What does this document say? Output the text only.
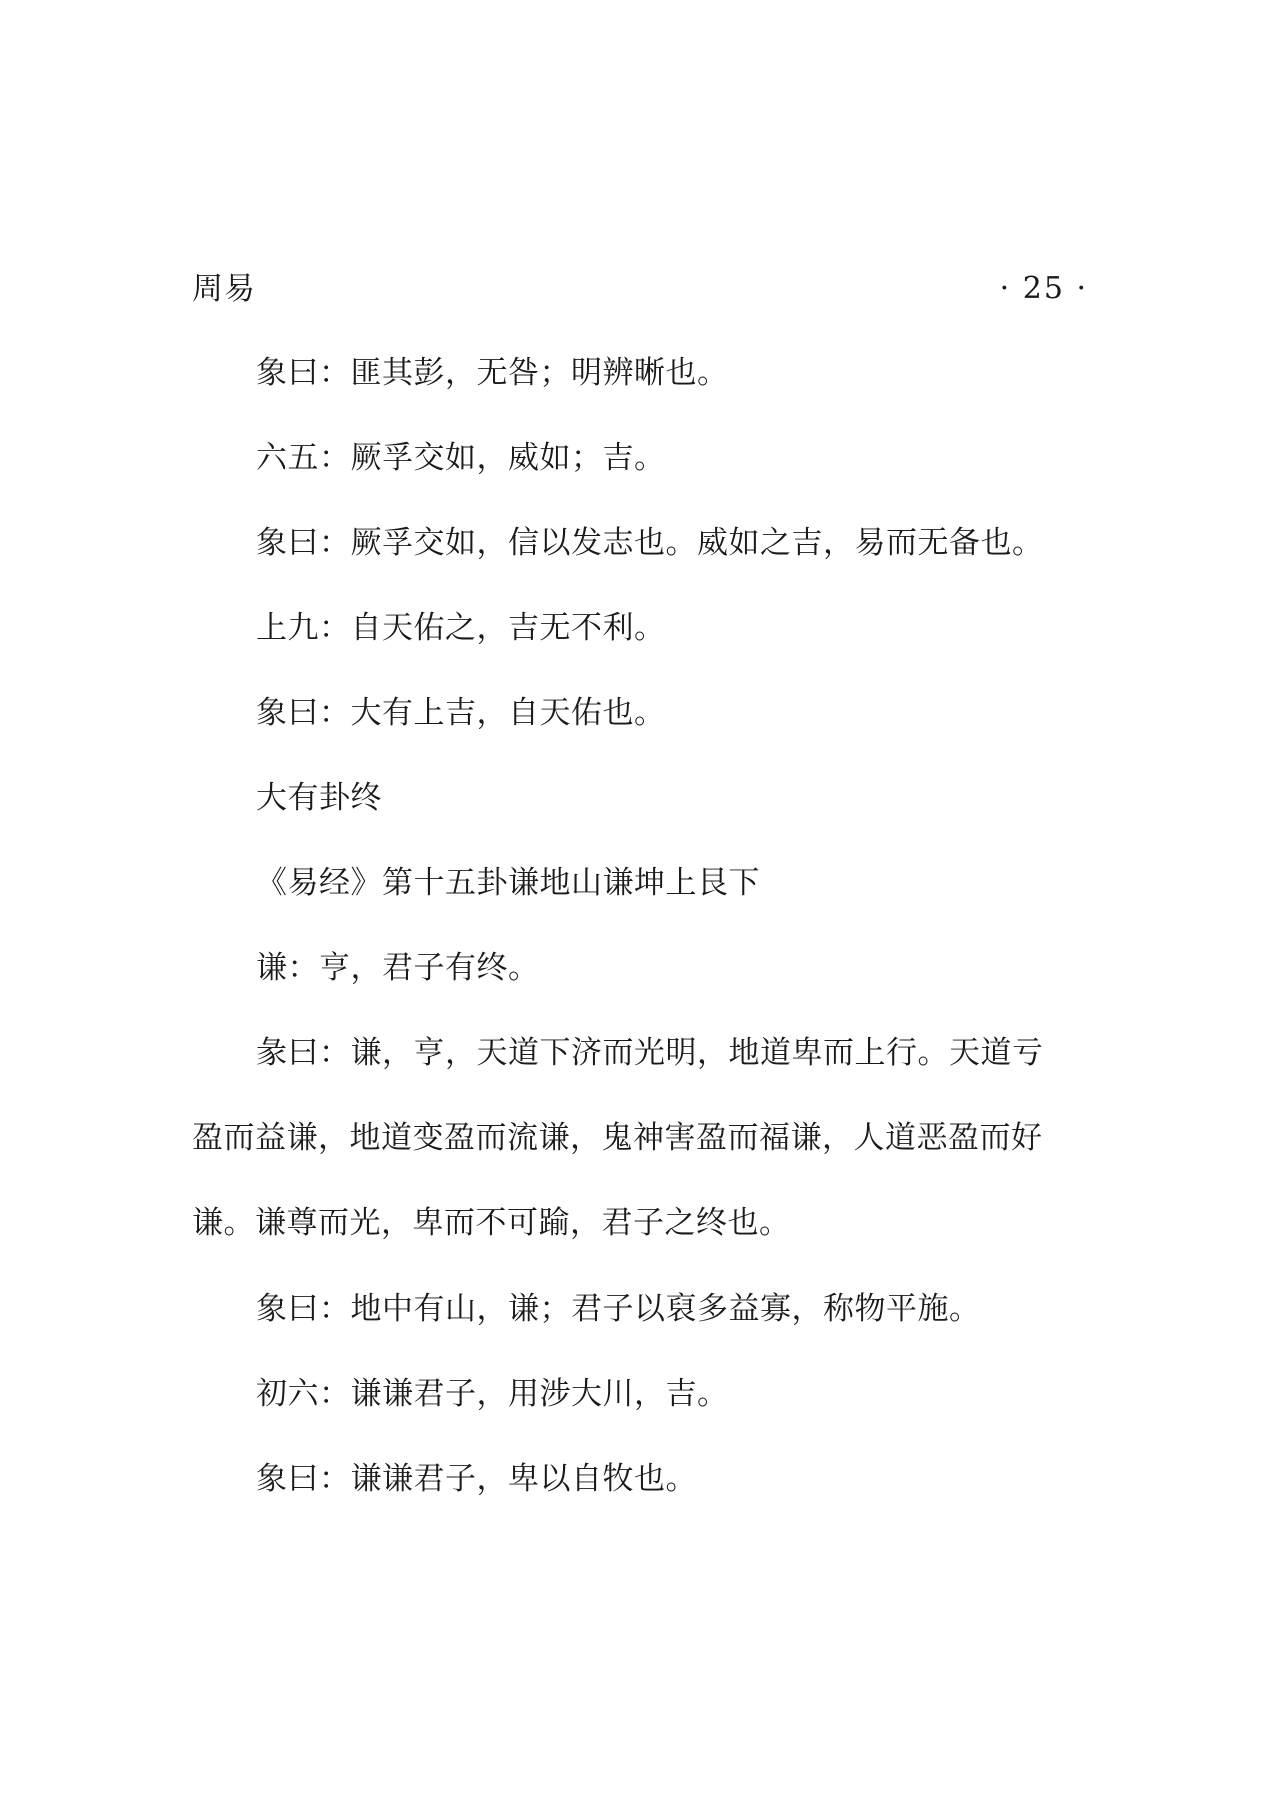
周易	· 25 ·

象曰：匪其彭，无咎；明辨晰也。

六五：厥孚交如，威如；吉。

象曰：厥孚交如，信以发志也。威如之吉，易而无备也。

上九：自天佑之，吉无不利。

象曰：大有上吉，自天佑也。

大有卦终

《易经》第十五卦谦地山谦坤上艮下

谦：亨，君子有终。

彖曰：谦，亨，天道下济而光明，地道卑而上行。天道亏
盈而益谦，地道变盈而流谦，鬼神害盈而福谦，人道恶盈而好
谦。谦尊而光，卑而不可踰，君子之终也。

象曰：地中有山，谦；君子以裒多益寡，称物平施。

初六：谦谦君子，用涉大川，吉。

象曰：谦谦君子，卑以自牧也。
